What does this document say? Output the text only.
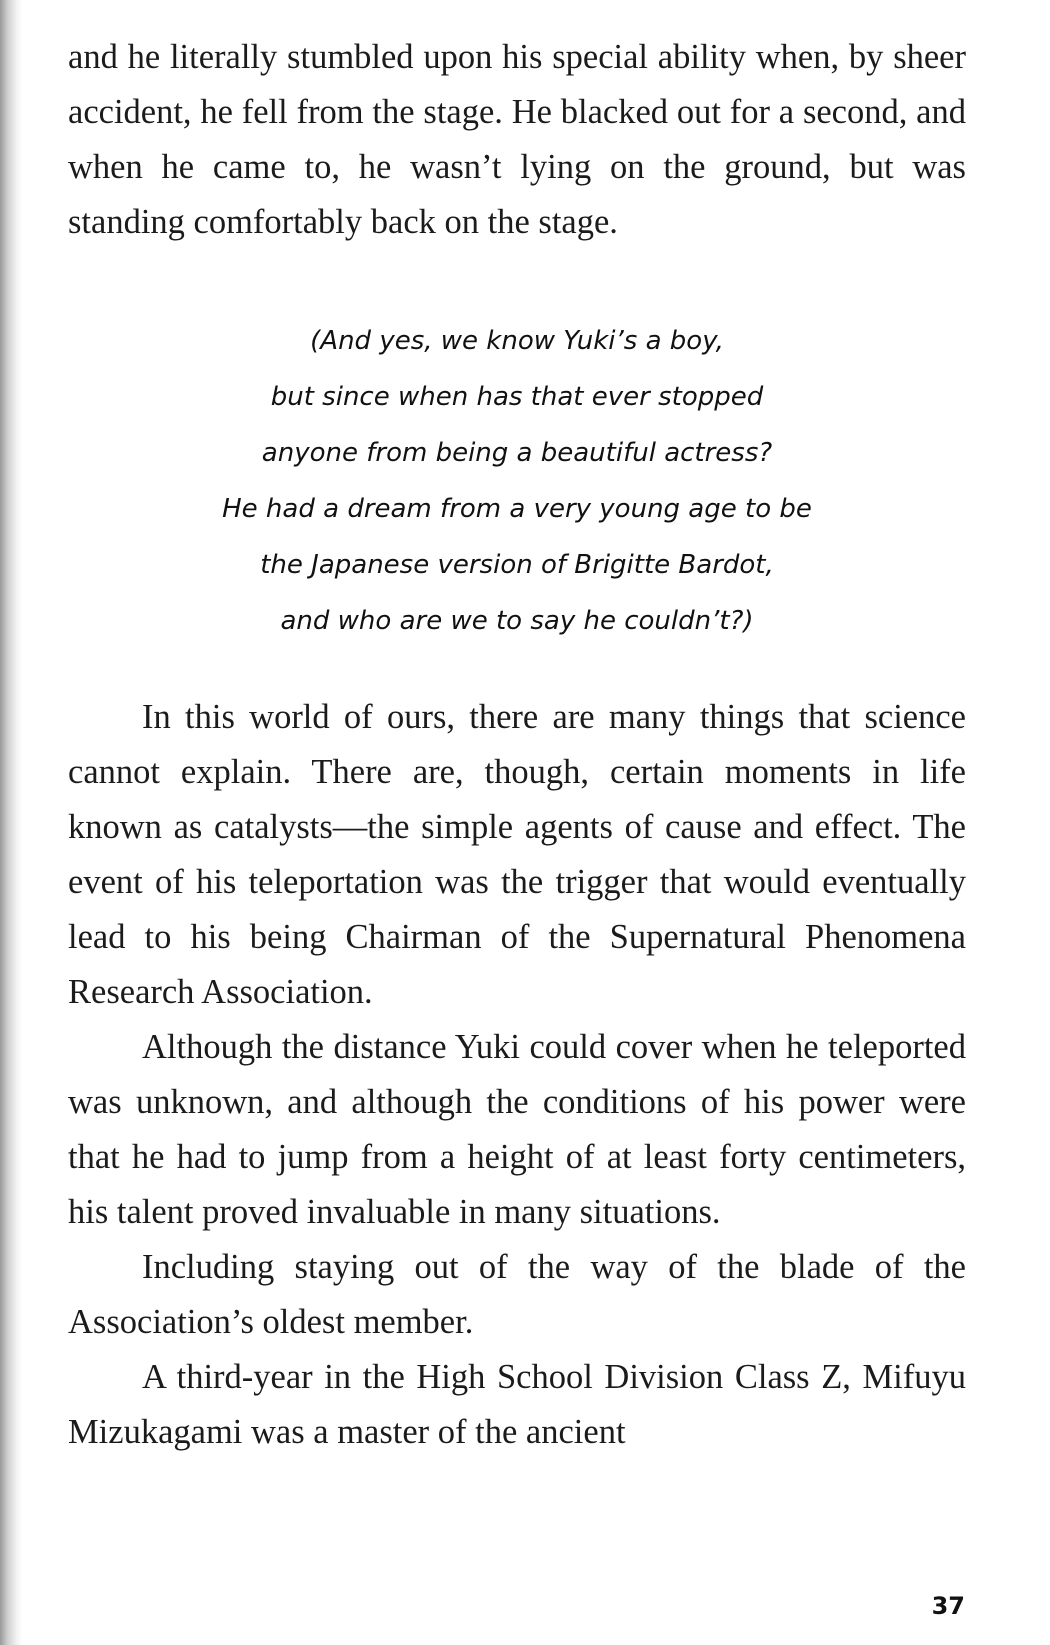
and he literally stumbled upon his special ability when, by sheer accident, he fell from the stage. He blacked out for a second, and when he came to, he wasn’t lying on the ground, but was standing comfortably back on the stage.

(And yes, we know Yuki’s a boy,
but since when has that ever stopped
anyone from being a beautiful actress?
He had a dream from a very young age to be
the Japanese version of Brigitte Bardot,
and who are we to say he couldn’t?)

In this world of ours, there are many things that science cannot explain. There are, though, certain moments in life known as catalysts—the simple agents of cause and effect. The event of his teleportation was the trigger that would eventually lead to his being Chairman of the Supernatural Phenomena Research Association.

Although the distance Yuki could cover when he teleported was unknown, and although the conditions of his power were that he had to jump from a height of at least forty centimeters, his talent proved invaluable in many situations.

Including staying out of the way of the blade of the Association’s oldest member.

A third-year in the High School Division Class Z, Mifuyu Mizukagami was a master of the ancient

37
